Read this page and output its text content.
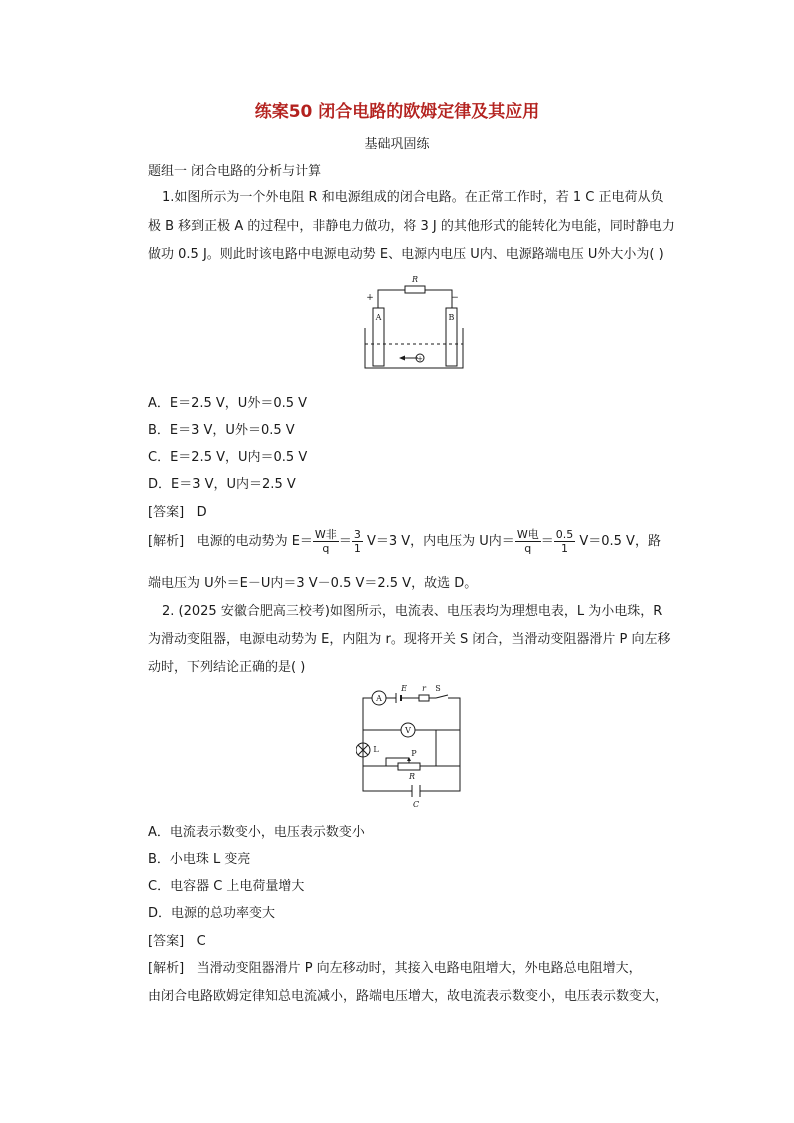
练案50 闭合电路的欧姆定律及其应用
基础巩固练
题组一 闭合电路的分析与计算
1.如图所示为一个外电阻 R 和电源组成的闭合电路。在正常工作时，若 1 C 正电荷从负
极 B 移到正极 A 的过程中，非静电力做功，将 3 J 的其他形式的能转化为电能，同时静电力
做功 0.5 J。则此时该电路中电源电动势 E、电源内电压 U内、电源路端电压 U外大小为( )
R
+	−
A	B
+
A．E＝2.5 V，U外＝0.5 V
B．E＝3 V，U外＝0.5 V
C．E＝2.5 V，U内＝0.5 V
D．E＝3 V，U内＝2.5 V
[答案] D
[解析] 电源的电动势为 $E= \frac{\text{W非}}{q} = \frac{3}{1} V=3$ V，内电压为 U内＝ $\frac{\text{W电}}{q} = \frac{0.5}{1} V=0.5$ V，路
端电压为 U外＝E－U内＝3 V－0.5 V＝2.5 V，故选 D。
2. (2025 安徽合肥高三校考)如图所示，电流表、电压表均为理想电表，L 为小电珠，R
为滑动变阻器，电源电动势为 E，内阻为 r。现将开关 S 闭合，当滑动变阻器滑片 P 向左移
动时，下列结论正确的是( )
A
E r S
V
L	P
R
C
A．电流表示数变小，电压表示数变小
B．小电珠 L 变亮
C．电容器 C 上电荷量增大
D．电源的总功率变大
[答案] C
[解析] 当滑动变阻器滑片 P 向左移动时，其接入电路电阻增大，外电路总电阻增大，
由闭合电路欧姆定律知总电流减小，路端电压增大，故电流表示数变小，电压表示数变大，
